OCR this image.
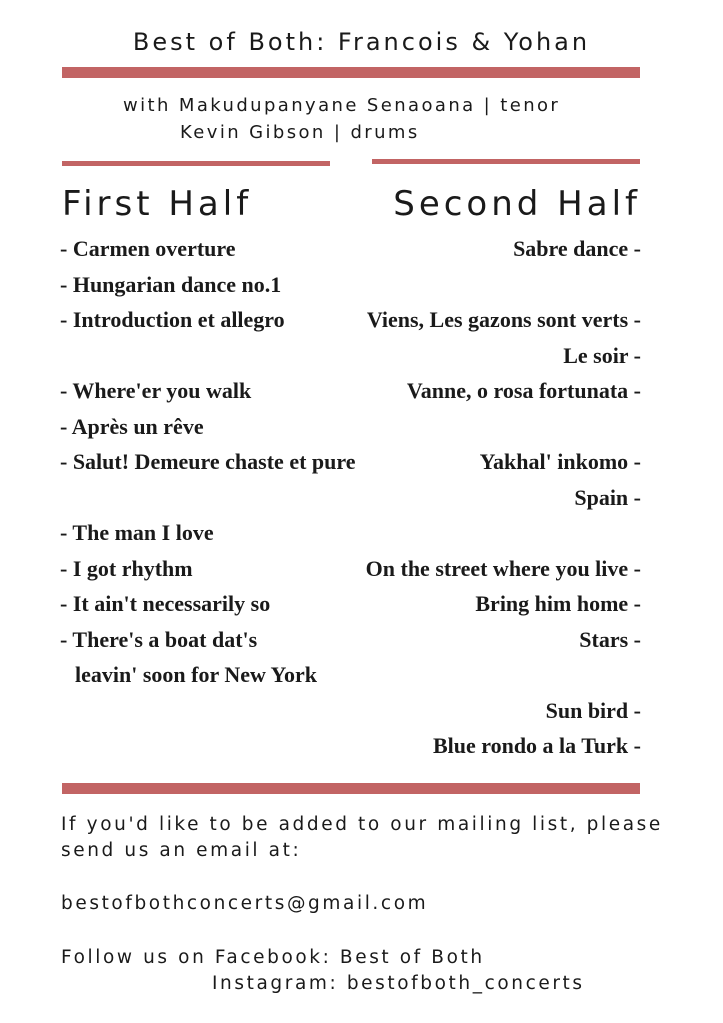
Best of Both: Francois & Yohan
with Makudupanyane Senaoana | tenor
Kevin Gibson | drums
First Half	Second Half
- Carmen overture	Sabre dance -
- Hungarian dance no.1
- Introduction et allegro	Viens, Les gazons sont verts -
Le soir -
- Where'er you walk	Vanne, o rosa fortunata -
- Après un rêve
- Salut! Demeure chaste et pure	Yakhal' inkomo -
Spain -
- The man I love
- I got rhythm	On the street where you live -
- It ain't necessarily so	Bring him home -
- There's a boat dat's	Stars -
leavin' soon for New York
Sun bird -
Blue rondo a la Turk -
If you'd like to be added to our mailing list, please
send us an email at:
bestofbothconcerts@gmail.com
Follow us on Facebook: Best of Both
Instagram: bestofboth_concerts
